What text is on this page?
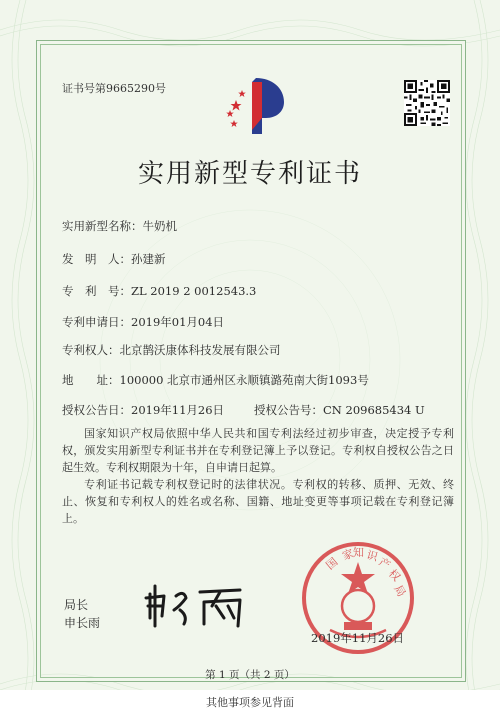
证书号第9665290号
实用新型专利证书
实用新型名称：牛奶机
发　明　人：孙建新
专　利　号：ZL 2019 2 0012543.3
专利申请日：2019年01月04日
专利权人：北京鹊沃康体科技发展有限公司
地　　址：100000 北京市通州区永顺镇潞苑南大街1093号
授权公告日：2019年11月26日	授权公告号：CN 209685434 U
国家知识产权局依照中华人民共和国专利法经过初步审查，决定授予专利权，颁发实用新型专利证书并在专利登记簿上予以登记。专利权自授权公告之日起生效。专利权期限为十年，自申请日起算。
专利证书记载专利权登记时的法律状况。专利权的转移、质押、无效、终止、恢复和专利权人的姓名或名称、国籍、地址变更等事项记载在专利登记簿上。
局长
申长雨
国
家
知 识
产
权
局
2019年11月26日
第 1 页（共 2 页）
其他事项参见背面
